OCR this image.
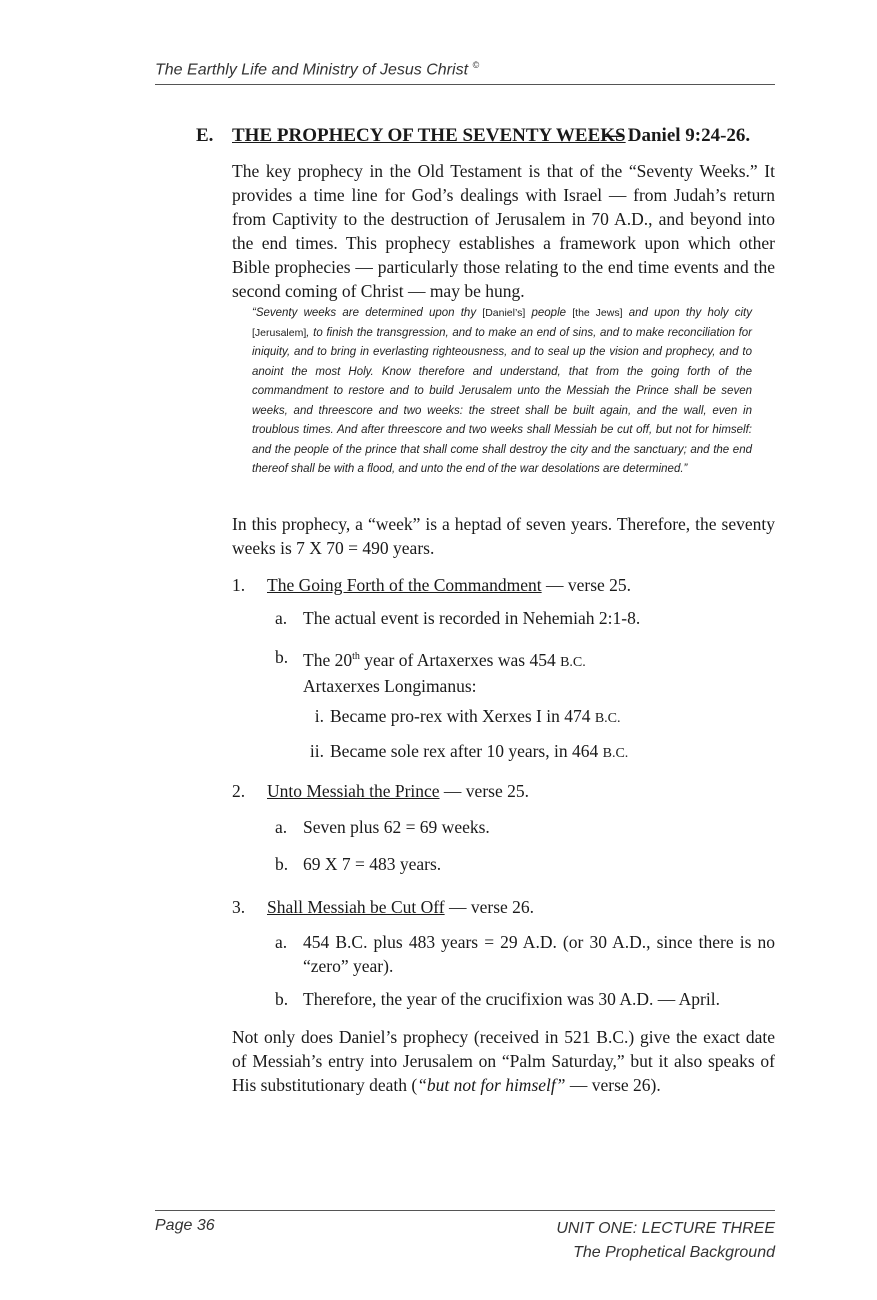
The Earthly Life and Ministry of Jesus Christ ©
E. THE PROPHECY OF THE SEVENTY WEEKS
— Daniel 9:24-26.
The key prophecy in the Old Testament is that of the “Seventy Weeks.” It provides a time line for God’s dealings with Israel — from Judah’s return from Captivity to the destruction of Jerusalem in 70 A.D., and beyond into the end times. This prophecy establishes a framework upon which other Bible prophecies — particularly those relating to the end time events and the second coming of Christ — may be hung.
“Seventy weeks are determined upon thy [Daniel’s] people [the Jews] and upon thy holy city [Jerusalem], to finish the transgression, and to make an end of sins, and to make reconciliation for iniquity, and to bring in everlasting righteousness, and to seal up the vision and prophecy, and to anoint the most Holy. Know therefore and understand, that from the going forth of the commandment to restore and to build Jerusalem unto the Messiah the Prince shall be seven weeks, and threescore and two weeks: the street shall be built again, and the wall, even in troublous times. And after threescore and two weeks shall Messiah be cut off, but not for himself: and the people of the prince that shall come shall destroy the city and the sanctuary; and the end thereof shall be with a flood, and unto the end of the war desolations are determined.”
In this prophecy, a “week” is a heptad of seven years. Therefore, the seventy weeks is 7 X 70 = 490 years.
1. The Going Forth of the Commandment — verse 25.
a. The actual event is recorded in Nehemiah 2:1-8.
b. The 20th year of Artaxerxes was 454 B.C.
Artaxerxes Longimanus:
i. Became pro-rex with Xerxes I in 474 B.C.
ii. Became sole rex after 10 years, in 464 B.C.
2. Unto Messiah the Prince — verse 25.
a. Seven plus 62 = 69 weeks.
b. 69 X 7 = 483 years.
3. Shall Messiah be Cut Off — verse 26.
a. 454 B.C. plus 483 years = 29 A.D. (or 30 A.D., since there is no “zero” year).
b. Therefore, the year of the crucifixion was 30 A.D. — April.
Not only does Daniel’s prophecy (received in 521 B.C.) give the exact date of Messiah’s entry into Jerusalem on “Palm Saturday,” but it also speaks of His substitutionary death (“but not for himself” — verse 26).
Page 36	UNIT ONE: LECTURE THREE
The Prophetical Background
